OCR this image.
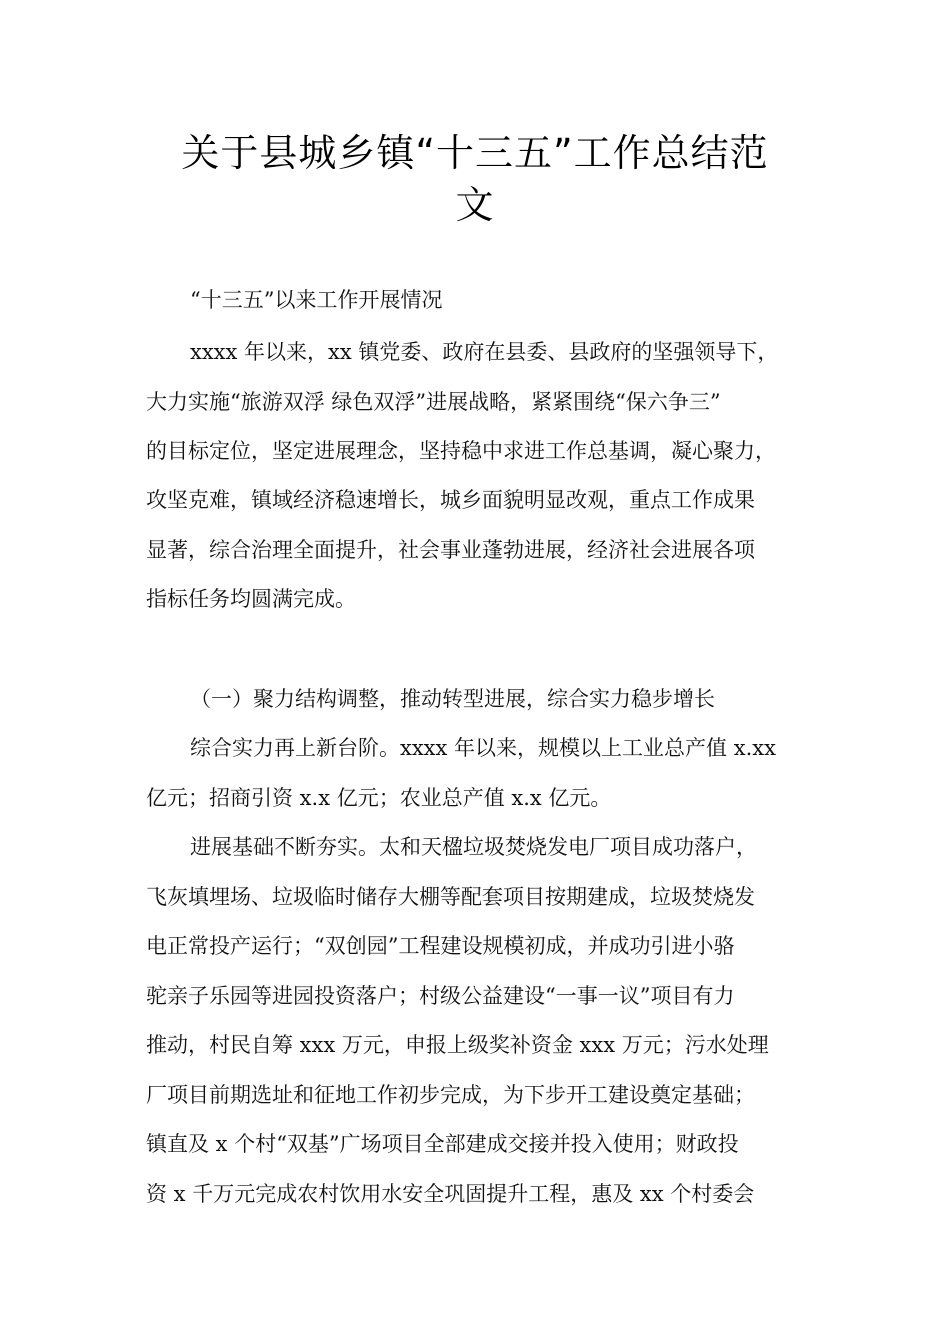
关于县城乡镇“十三五”工作总结范
文
“十三五”以来工作开展情况
xxxx 年以来，xx 镇党委、政府在县委、县政府的坚强领导下，
大力实施“旅游双浮 绿色双浮”进展战略，紧紧围绕“保六争三”
的目标定位，坚定进展理念，坚持稳中求进工作总基调，凝心聚力，
攻坚克难，镇域经济稳速增长，城乡面貌明显改观，重点工作成果
显著，综合治理全面提升，社会事业蓬勃进展，经济社会进展各项
指标任务均圆满完成。
（一）聚力结构调整，推动转型进展，综合实力稳步增长
综合实力再上新台阶。xxxx 年以来，规模以上工业总产值 x.xx
亿元；招商引资 x.x 亿元；农业总产值 x.x 亿元。
进展基础不断夯实。太和天楹垃圾焚烧发电厂项目成功落户，
飞灰填埋场、垃圾临时储存大棚等配套项目按期建成，垃圾焚烧发
电正常投产运行；“双创园”工程建设规模初成，并成功引进小骆
驼亲子乐园等进园投资落户；村级公益建设“一事一议”项目有力
推动，村民自筹 xxx 万元，申报上级奖补资金 xxx 万元；污水处理
厂项目前期选址和征地工作初步完成，为下步开工建设奠定基础；
镇直及 x 个村“双基”广场项目全部建成交接并投入使用；财政投
资 x 千万元完成农村饮用水安全巩固提升工程，惠及 xx 个村委会
